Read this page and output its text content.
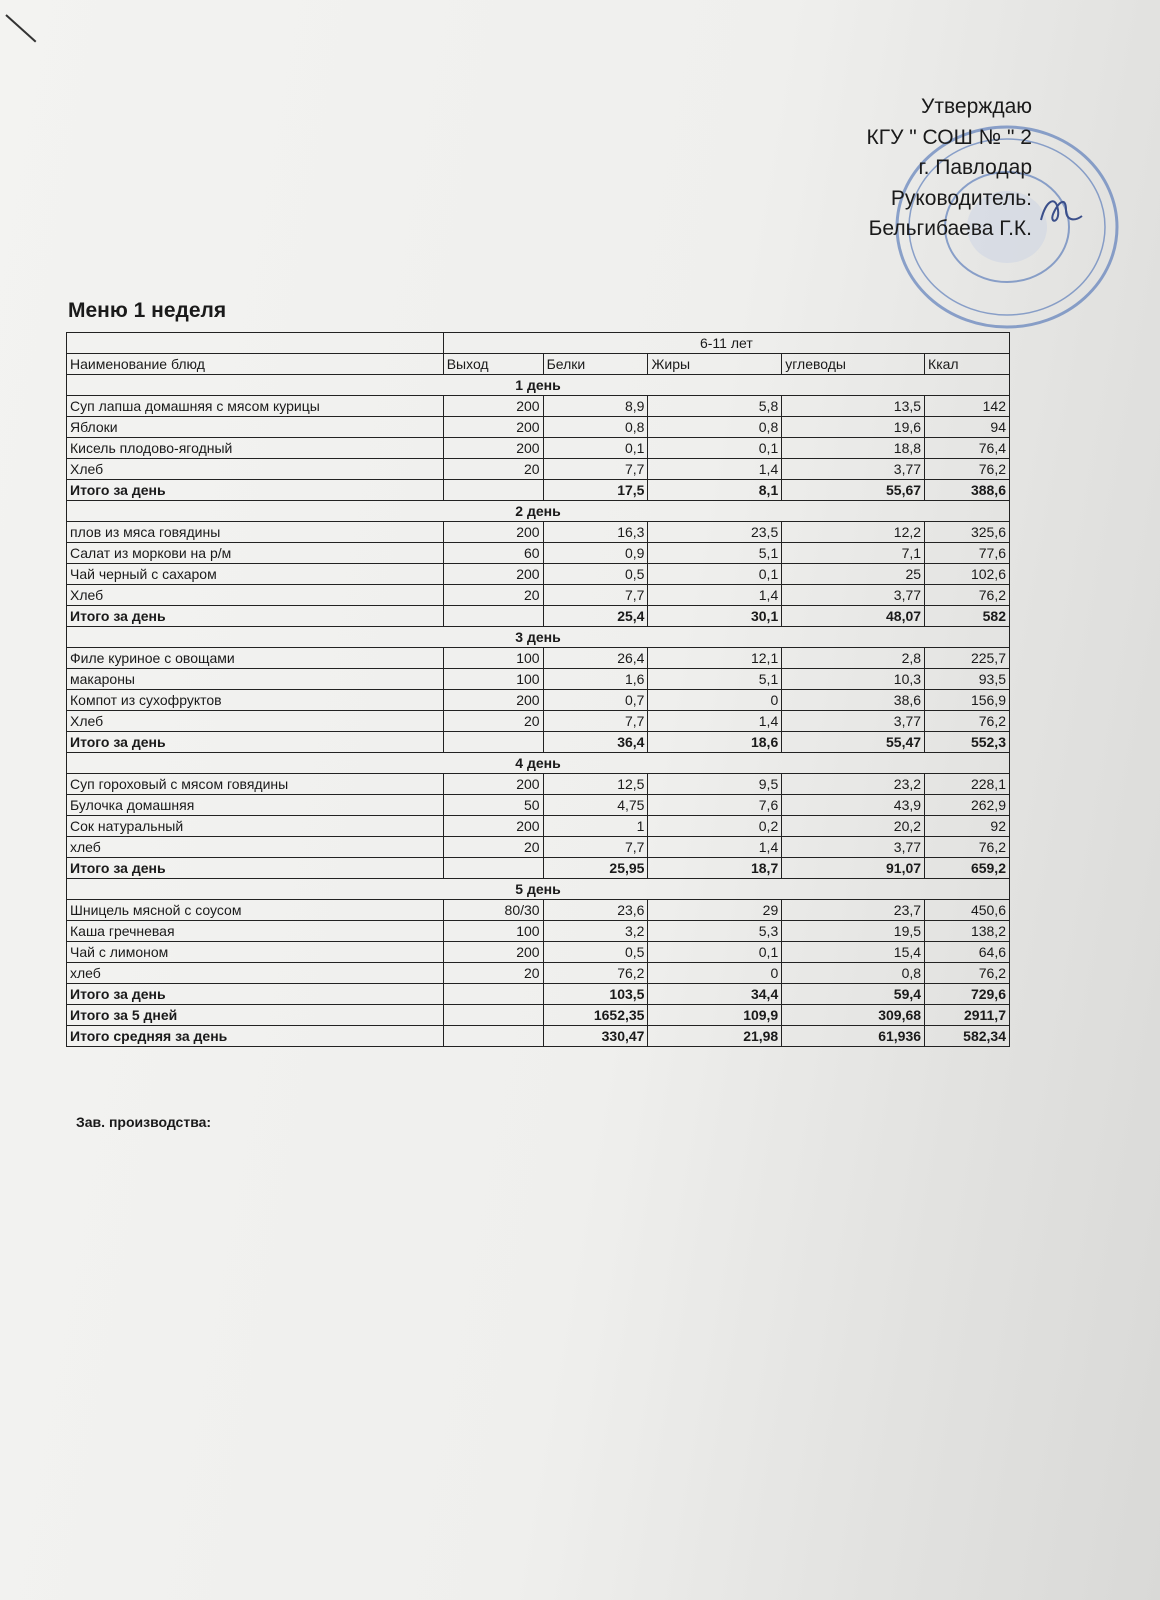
Утверждаю
КГУ " СОШ № " 2
г. Павлодар
Руководитель:
Бельгибаева Г.К.
Меню 1 неделя
	6-11 лет				
Наименование блюд	Выход	Белки	Жиры	углеводы	Ккал
1 день					
Суп лапша домашняя с мясом курицы	200	8,9	5,8	13,5	142
Яблоки	200	0,8	0,8	19,6	94
Кисель плодово-ягодный	200	0,1	0,1	18,8	76,4
Хлеб	20	7,7	1,4	3,77	76,2
Итого за день		17,5	8,1	55,67	388,6
2 день					
плов из мяса говядины	200	16,3	23,5	12,2	325,6
Салат из моркови на р/м	60	0,9	5,1	7,1	77,6
Чай черный с сахаром	200	0,5	0,1	25	102,6
Хлеб	20	7,7	1,4	3,77	76,2
Итого за день		25,4	30,1	48,07	582
3 день					
Филе куриное с овощами	100	26,4	12,1	2,8	225,7
макароны	100	1,6	5,1	10,3	93,5
Компот из сухофруктов	200	0,7	0	38,6	156,9
Хлеб	20	7,7	1,4	3,77	76,2
Итого за день		36,4	18,6	55,47	552,3
4 день					
Суп гороховый с мясом говядины	200	12,5	9,5	23,2	228,1
Булочка домашняя	50	4,75	7,6	43,9	262,9
Сок натуральный	200	1	0,2	20,2	92
хлеб	20	7,7	1,4	3,77	76,2
Итого за день		25,95	18,7	91,07	659,2
5 день					
Шницель мясной с соусом	80/30	23,6	29	23,7	450,6
Каша гречневая	100	3,2	5,3	19,5	138,2
Чай с лимоном	200	0,5	0,1	15,4	64,6
хлеб	20	76,2	0	0,8	76,2
Итого за день		103,5	34,4	59,4	729,6
Итого за 5 дней		1652,35	109,9	309,68	2911,7
Итого средняя за день		330,47	21,98	61,936	582,34
Зав. производства:
